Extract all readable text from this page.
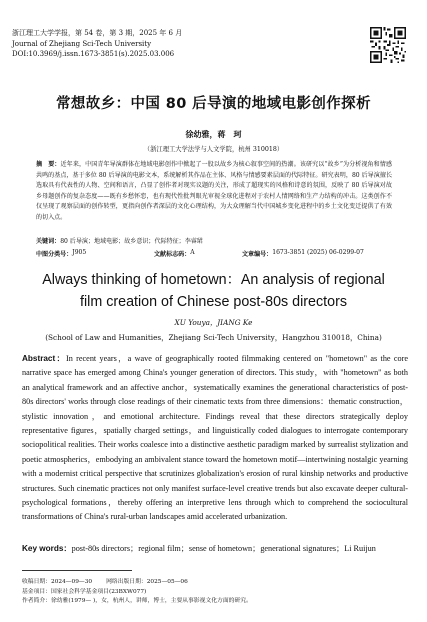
浙江理工大学学报，第 54 卷，第 3 期，2025 年 6 月
Journal of Zhejiang Sci-Tech University
DOI:10.3969/j.issn.1673-3851(s).2025.03.006
常想故乡：中国 80 后导演的地域电影创作探析
徐幼雅，蒋　珂
（浙江理工大学法学与人文学院，杭州 310018）
摘　要：近年来，中国青年导演群体在地域电影创作中掀起了一股以故乡为核心叙事空间的热潮。该研究以“故乡”为分析视角和情感共鸣的基点，基于多位 80 后导演的电影文本，系统解析其作品在主体、风格与情感要素层面的代际特征。研究表明，80 后导演擅长选取具有代表性的人物、空间和语言，凸显了创作者对现实议题的关注，形成了超现实的风格和诗意的氛围，反映了 80 后导演对故乡母题创作的复杂态度——既有乡愁怀恋，也有现代性批判眼光审视全球化进程对于农村人情网络和生产力结构的冲击。这类创作不仅呈现了观察层面的创作转型，更指向创作者深层的文化心理结构，为大众理解当代中国城乡变化进程中的乡土文化变迁提供了有效的切入点。
关键词：80 后导演；地域电影；故乡意识；代际特征；李睿珺
中图分类号： J905	文献标志码： A	文章编号： 1673-3851 (2025) 06-0299-07
Always thinking of hometown：An analysis of regional
film creation of Chinese post-80s directors
XU Youya，JIANG Ke
(School of Law and Humanities，Zhejiang Sci-Tech University，Hangzhou 310018，China)
Abstract：In recent years，a wave of geographically rooted filmmaking centered on "hometown" as the core narrative space has emerged among China's younger generation of directors. This study，with "hometown" as both an analytical framework and an affective anchor，systematically examines the generational characteristics of post-80s directors' works through close readings of their cinematic texts from three dimensions：thematic construction，stylistic innovation，and emotional architecture. Findings reveal that these directors strategically deploy representative figures，spatially charged settings，and linguistically coded dialogues to interrogate contemporary sociopolitical realities. Their works coalesce into a distinctive aesthetic paradigm marked by surrealist stylization and poetic atmospherics，embodying an ambivalent stance toward the hometown motif—intertwining nostalgic yearning with a modernist critical perspective that scrutinizes globalization's erosion of rural kinship networks and productive structures. Such cinematic practices not only manifest surface-level creative trends but also excavate deeper cultural-psychological formations，thereby offering an interpretive lens through which to comprehend the sociocultural transformations of China's rural-urban landscapes amid accelerated urbanization.
Key words：post-80s directors；regional film；sense of hometown；generational signatures；Li Ruijun
收稿日期：2024—09—30 网络出版日期：2025—05—06
基金项目：国家社会科学基金项目(23BXW077)
作者简介：徐幼雅(1979— )，女，杭州人，讲师，博士，主要从事影视文化方面的研究。
